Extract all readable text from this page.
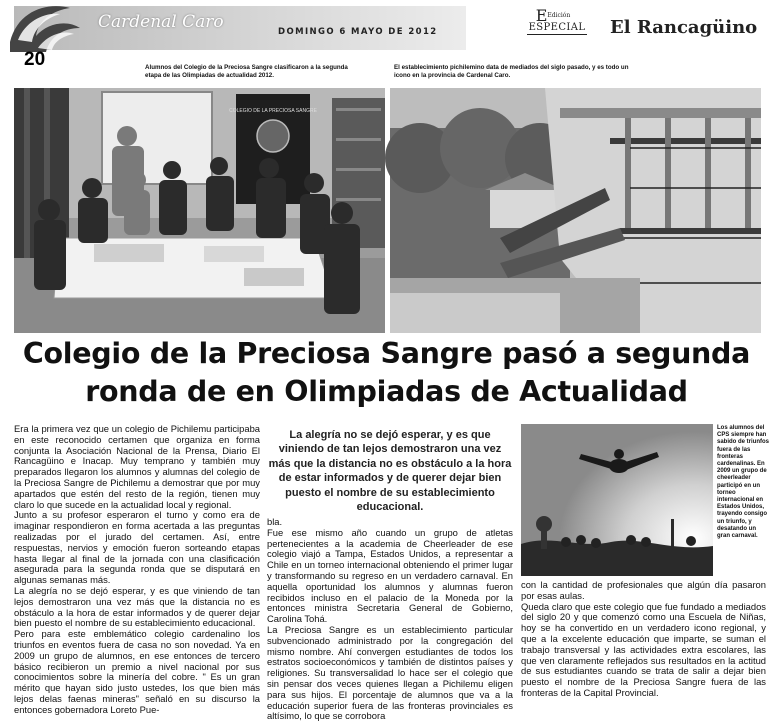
Cardenal Caro	DOMINGO 6 MAYO DE 2012
20
$E^{Edición}$
ESPECIAL El Rancagüino
Alumnos del Colegio de la Preciosa Sangre clasificaron a la segunda etapa de las Olimpiadas de actualidad 2012.
El establecimiento pichileminο data de mediados del siglo pasado, y es todo un icono en la provincia de Cardenal Caro.
COLEGIO DE LA PRECIOSA SANGRE
Colegio de la Preciosa Sangre pasó a segunda
ronda de en Olimpiadas de Actualidad

Era la primera vez que un colegio de Pichilemu participaba en este reconocido certamen que organiza en forma conjunta la Asociación Nacional de la Prensa, Diario El Rancagüino e Inacap. Muy temprano y también muy preparados llegaron los alumnos y alumnas del colegio de la Preciosa Sangre de Pichilemu a demostrar que por muy apartados que estén del resto de la región, tienen muy claro lo que sucede en la actualidad local y regional.

Junto a su profesor esperaron el turno y como era de imaginar respondieron en forma acertada a las preguntas realizadas por el jurado del certamen. Así, entre respuestas, nervios y emoción fueron sorteando etapas hasta llegar al final de la jornada con una clasificación asegurada para la segunda ronda que se disputará en algunas semanas más.

La alegría no se dejó esperar, y es que viniendo de tan lejos demostraron una vez más que la distancia no es obstáculo a la hora de estar informados y de querer dejar bien puesto el nombre de su establecimiento educacional.

Pero para este emblemático colegio cardenalino los triunfos en eventos fuera de casa no son novedad. Ya en 2009 un grupo de alumnos, en ese entonces de tercero básico recibieron un premio a nivel nacional por sus conocimientos sobre la minería del cobre. " Es un gran mérito que hayan sido justo ustedes, los que bien más lejos delas faenas mineras" señaló en su discurso la entonces gobernadora Loreto Pue-

La alegría no se dejó esperar, y es que viniendo de tan lejos demostraron una vez más que la distancia no es obstáculo a la hora de estar informados y de querer dejar bien puesto el nombre de su establecimiento educacional.

bla.

Fue ese mismo año cuando un grupo de atletas pertenecientes a la academia de Cheerleader de ese colegio viajó a Tampa, Estados Unidos, a representar a Chile en un torneo internacional obteniendo el primer lugar y transformando su regreso en un verdadero carnaval. En aquella oportunidad los alumnos y alumnas fueron recibidos incluso en el palacio de la Moneda por la entonces ministra Secretaria General de Gobierno, Carolina Tohá.

La Preciosa Sangre es un establecimiento particular subvencionado administrado por la congregación del mismo nombre. Ahí convergen estudiantes de todos los estratos socioeconómicos y también de distintos países y religiones. Su transversalidad lo hace ser el colegio que sin pensar dos veces quienes llegan a Pichilemu eligen para sus hijos. El porcentaje de alumnos que va a la educación superior fuera de las fronteras provinciales es altísimo, lo que se corrobora

Los alumnos del CPS siempre han sabido de triunfos fuera de las fronteras cardenalinas. En 2009 un grupo de cheerleader participó en un torneo internacional en Estados Unidos, trayendo consigo un triunfo, y desatando un gran carnaval.

con la cantidad de profesionales que algún día pasaron por esas aulas.

Queda claro que este colegio que fue fundado a mediados del siglo 20 y que comenzó como una Escuela de Niñas, hoy se ha convertido en un verdadero icono regional, y que a la excelente educación que imparte, se suman el trabajo transversal y las actividades extra escolares, las que ven claramente reflejados sus resultados en la actitud de sus estudiantes cuando se trata de salir a dejar bien puesto el nombre de la Preciosa Sangre fuera de las fronteras de la Capital Provincial.
